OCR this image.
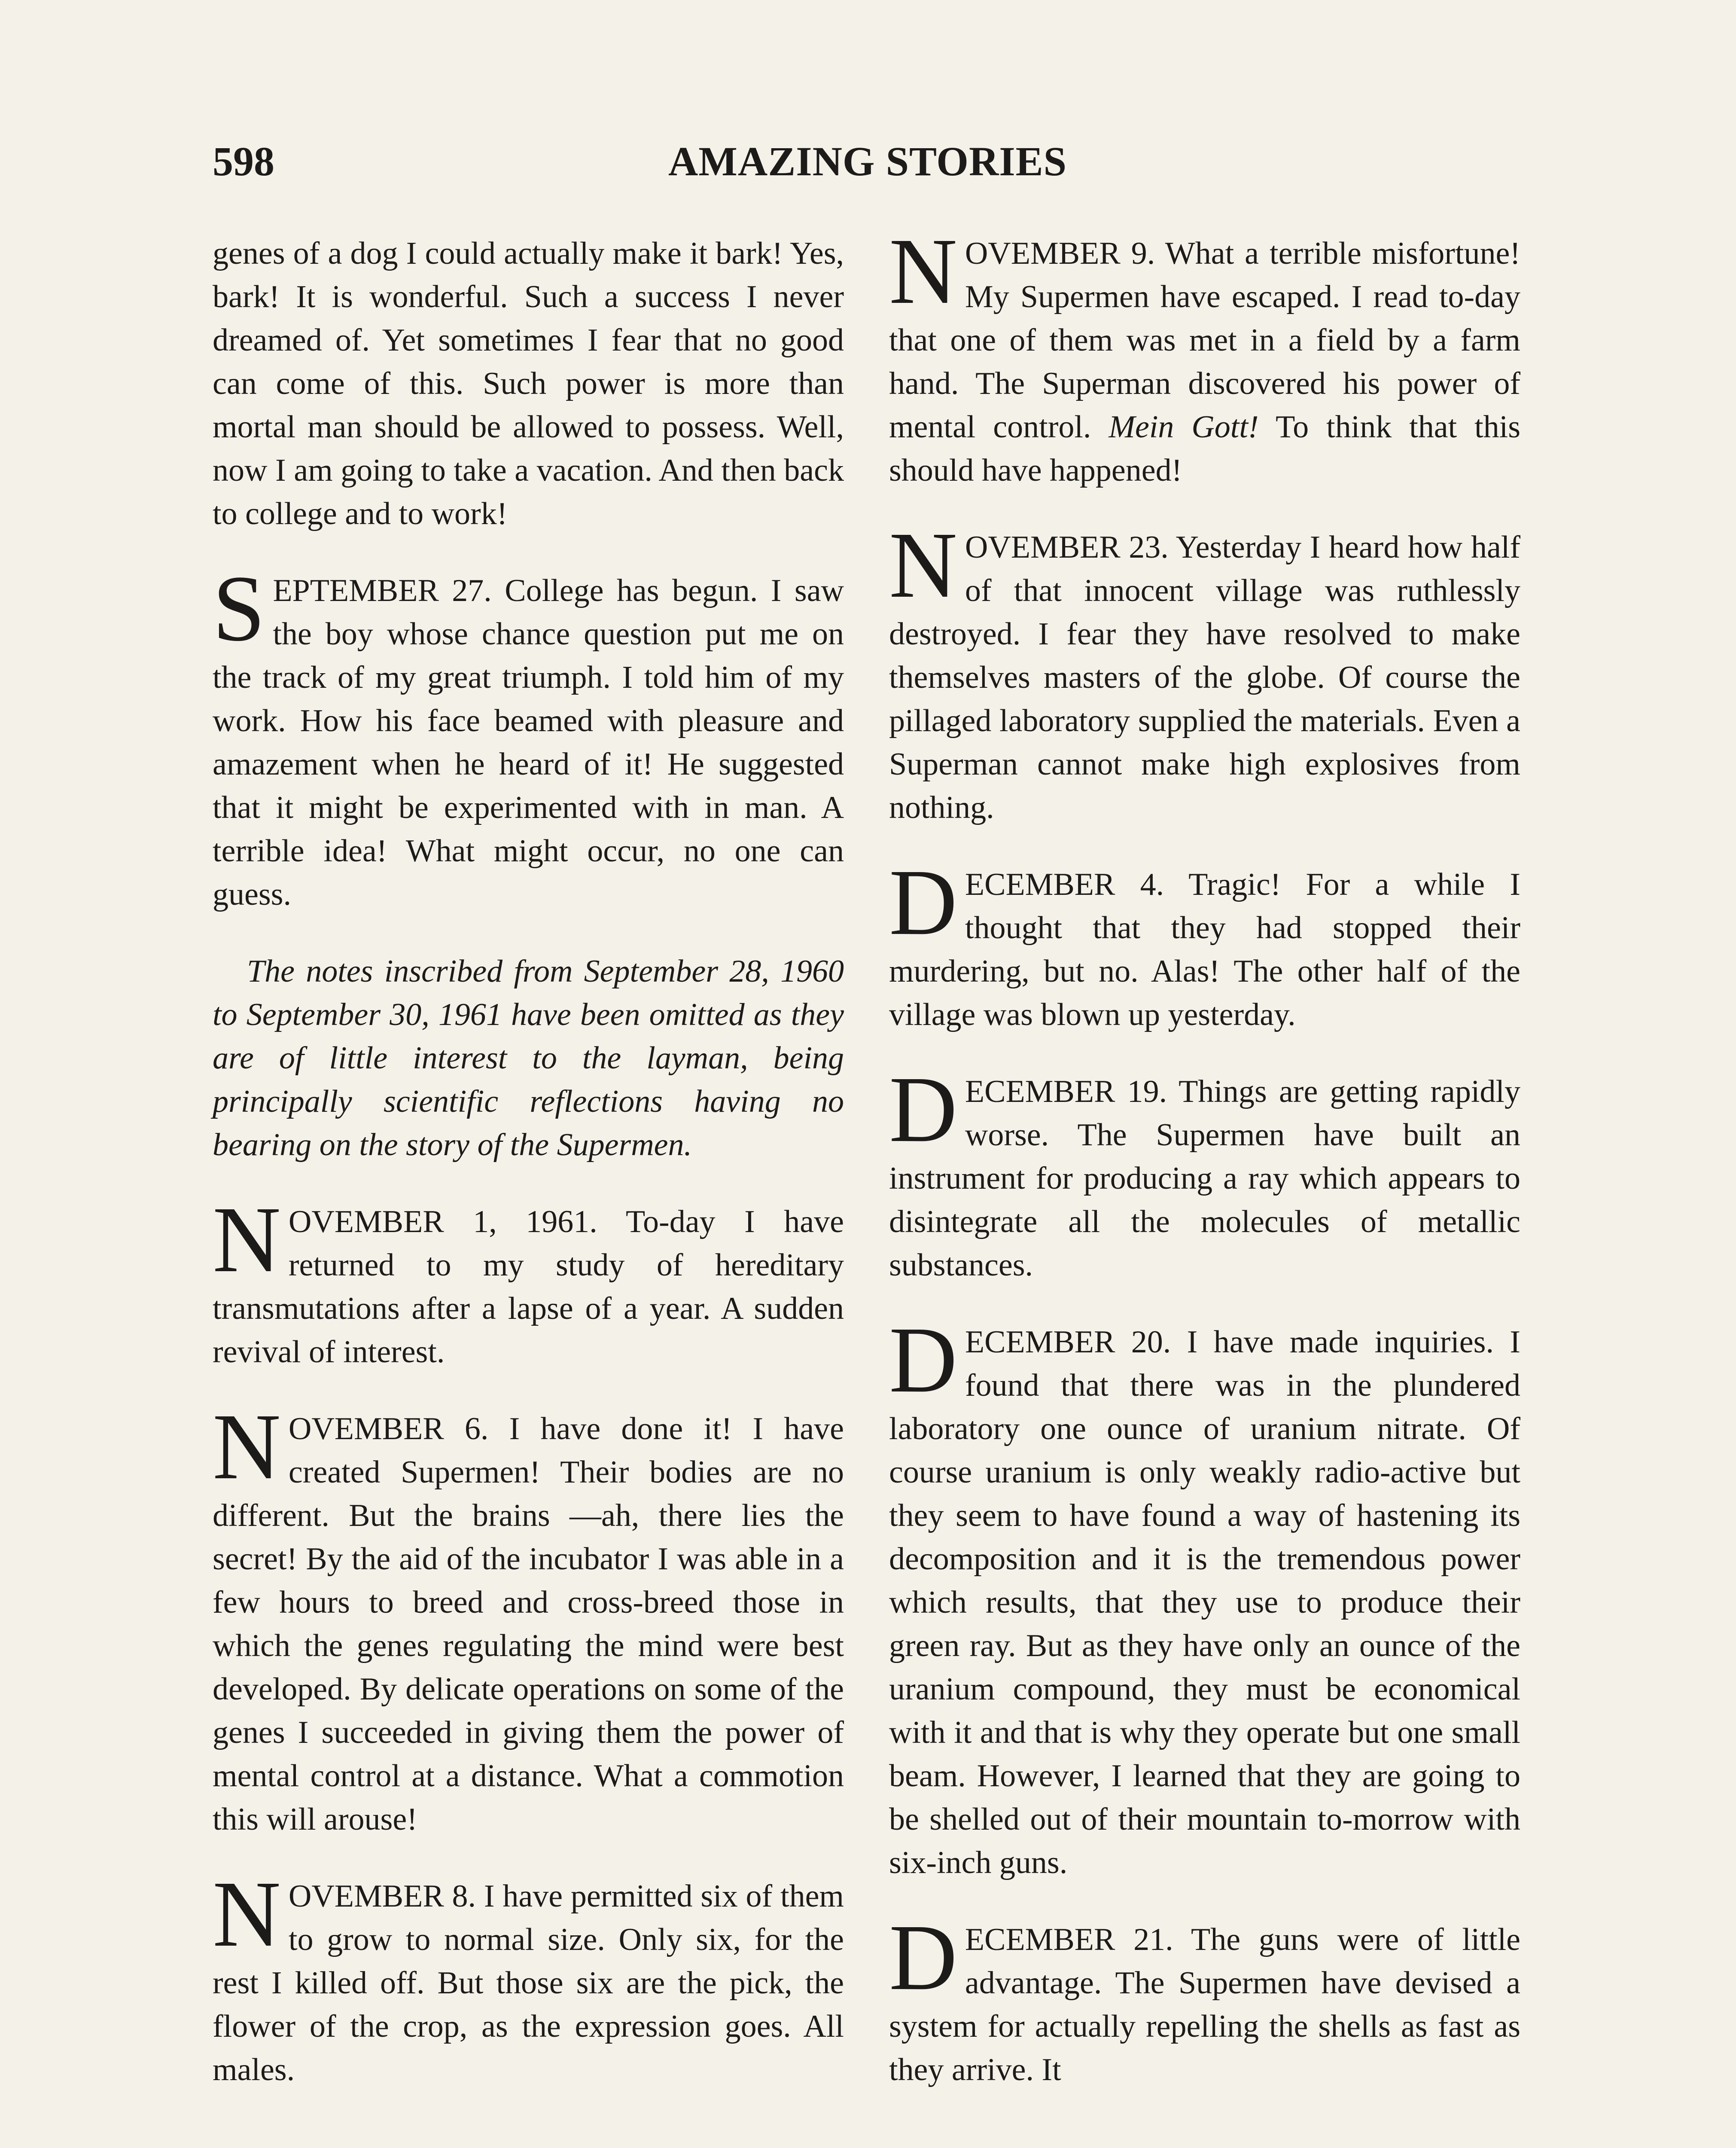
598	AMAZING STORIES

genes of a dog I could actually make it bark! Yes, bark! It is wonderful. Such a success I never dreamed of. Yet sometimes I fear that no good can come of this. Such power is more than mortal man should be allowed to possess. Well, now I am going to take a vacation. And then back to college and to work!

SEPTEMBER 27. College has begun. I saw the boy whose chance question put me on the track of my great triumph. I told him of my work. How his face beamed with pleasure and amazement when he heard of it! He suggested that it might be experimented with in man. A terrible idea! What might occur, no one can guess.

The notes inscribed from September 28, 1960 to September 30, 1961 have been omitted as they are of little interest to the layman, being principally scientific reflections having no bearing on the story of the Supermen.

NOVEMBER 1, 1961. To-day I have returned to my study of hereditary transmutations after a lapse of a year. A sudden revival of interest.

NOVEMBER 6. I have done it! I have created Supermen! Their bodies are no different. But the brains —ah, there lies the secret! By the aid of the incubator I was able in a few hours to breed and cross-breed those in which the genes regulating the mind were best developed. By delicate operations on some of the genes I succeeded in giving them the power of mental control at a distance. What a commotion this will arouse!

NOVEMBER 8. I have permitted six of them to grow to normal size. Only six, for the rest I killed off. But those six are the pick, the flower of the crop, as the expression goes. All males.

NOVEMBER 9. What a terrible misfortune! My Supermen have escaped. I read to-day that one of them was met in a field by a farm hand. The Superman discovered his power of mental control. Mein Gott! To think that this should have happened!

NOVEMBER 23. Yesterday I heard how half of that innocent village was ruthlessly destroyed. I fear they have resolved to make themselves masters of the globe. Of course the pillaged laboratory supplied the materials. Even a Superman cannot make high explosives from nothing.

DECEMBER 4. Tragic! For a while I thought that they had stopped their murdering, but no. Alas! The other half of the village was blown up yesterday.

DECEMBER 19. Things are getting rapidly worse. The Supermen have built an instrument for producing a ray which appears to disintegrate all the molecules of metallic substances.

DECEMBER 20. I have made inquiries. I found that there was in the plundered laboratory one ounce of uranium nitrate. Of course uranium is only weakly radio-active but they seem to have found a way of hastening its decomposition and it is the tremendous power which results, that they use to produce their green ray. But as they have only an ounce of the uranium compound, they must be economical with it and that is why they operate but one small beam. However, I learned that they are going to be shelled out of their mountain to-morrow with six-inch guns.

DECEMBER 21. The guns were of little advantage. The Supermen have devised a system for actually repelling the shells as fast as they arrive. It
